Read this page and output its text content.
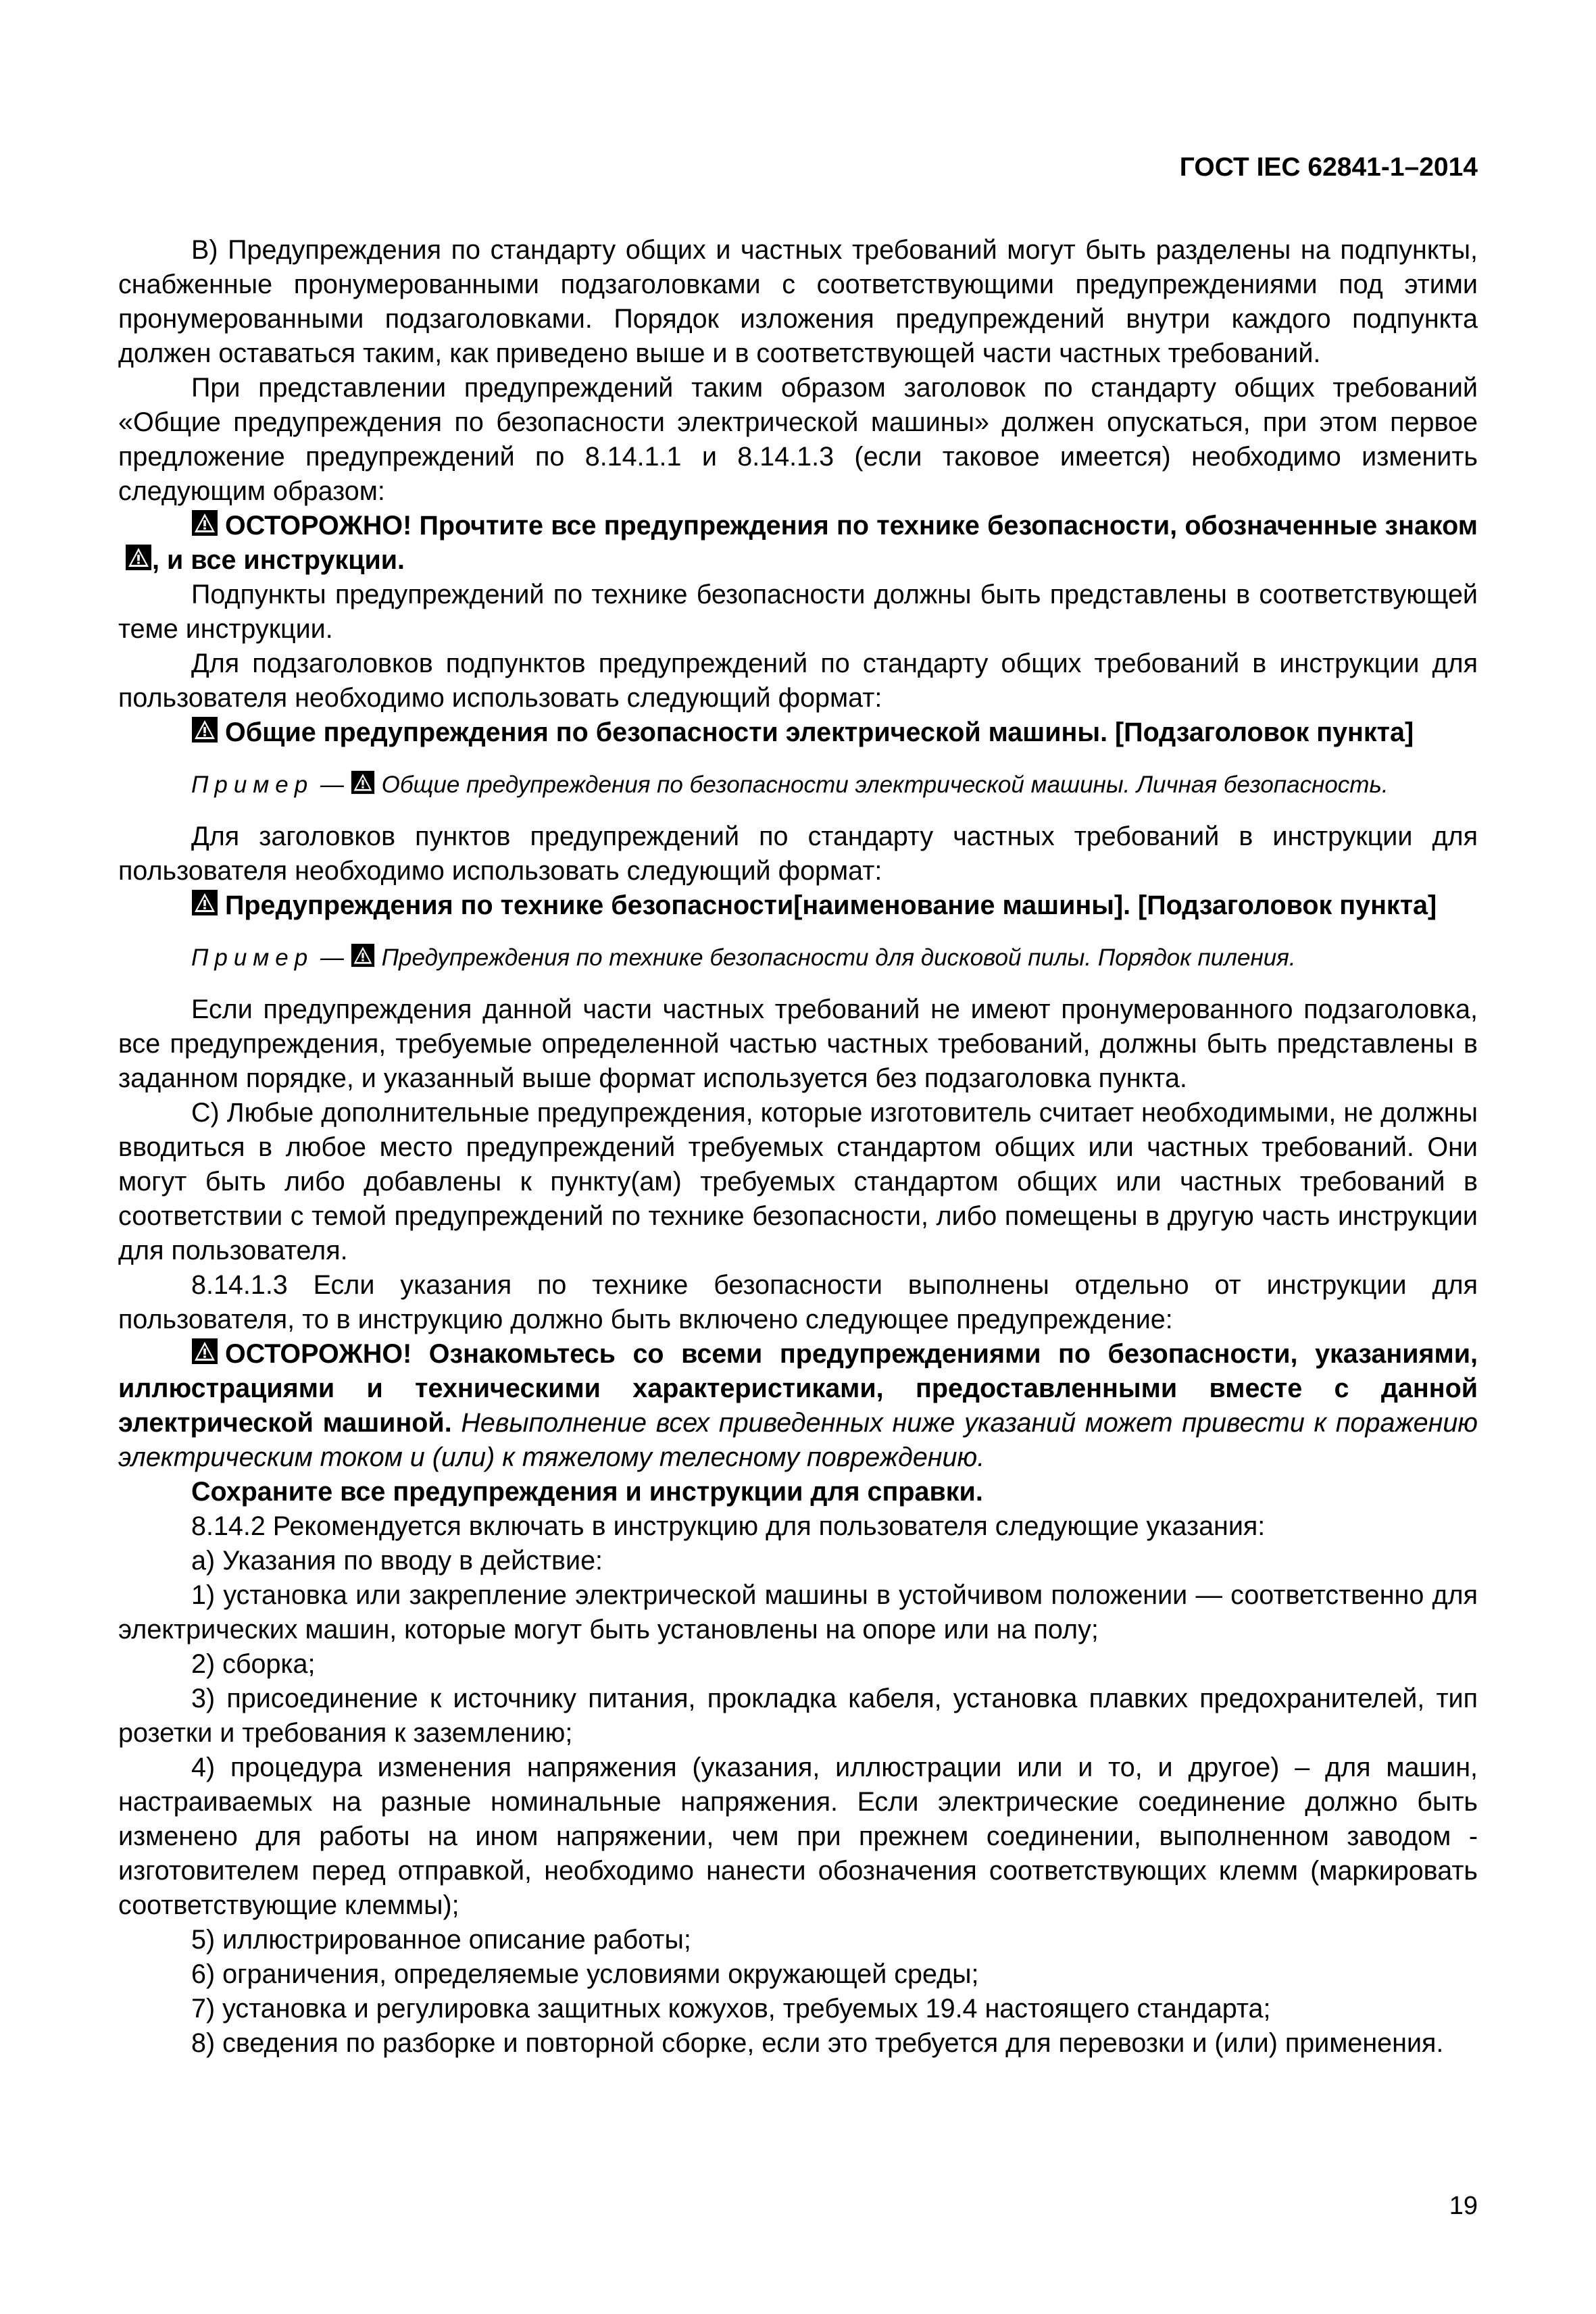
ГОСТ IEC 62841-1–2014

В) Предупреждения по стандарту общих и частных требований могут быть разделены на подпункты, снабженные пронумерованными подзаголовками с соответствующими предупреждениями под этими пронумерованными подзаголовками. Порядок изложения предупреждений внутри каждого подпункта должен оставаться таким, как приведено выше и в соответствующей части частных требований.

При представлении предупреждений таким образом заголовок по стандарту общих требований «Общие предупреждения по безопасности электрической машины» должен опускаться, при этом первое предложение предупреждений по 8.14.1.1 и 8.14.1.3 (если таковое имеется) необходимо изменить следующим образом:

ОСТОРОЖНО! Прочтите все предупреждения по технике безопасности, обозначенные знаком , и все инструкции.

Подпункты предупреждений по технике безопасности должны быть представлены в соответствующей теме инструкции.

Для подзаголовков подпунктов предупреждений по стандарту общих требований в инструкции для пользователя необходимо использовать следующий формат:

Общие предупреждения по безопасности электрической машины. [Подзаголовок пункта]

Пример — Общие предупреждения по безопасности электрической машины. Личная безопасность.

Для заголовков пунктов предупреждений по стандарту частных требований в инструкции для пользователя необходимо использовать следующий формат:

Предупреждения по технике безопасности[наименование машины]. [Подзаголовок пункта]

Пример — Предупреждения по технике безопасности для дисковой пилы. Порядок пиления.

Если предупреждения данной части частных требований не имеют пронумерованного подзаголовка, все предупреждения, требуемые определенной частью частных требований, должны быть представлены в заданном порядке, и указанный выше формат используется без подзаголовка пункта.

С) Любые дополнительные предупреждения, которые изготовитель считает необходимыми, не должны вводиться в любое место предупреждений требуемых стандартом общих или частных требований. Они могут быть либо добавлены к пункту(ам) требуемых стандартом общих или частных требований в соответствии с темой предупреждений по технике безопасности, либо помещены в другую часть инструкции для пользователя.

8.14.1.3 Если указания по технике безопасности выполнены отдельно от инструкции для пользователя, то в инструкцию должно быть включено следующее предупреждение:

ОСТОРОЖНО! Ознакомьтесь со всеми предупреждениями по безопасности, указаниями, иллюстрациями и техническими характеристиками, предоставленными вместе с данной электрической машиной. Невыполнение всех приведенных ниже указаний может привести к поражению электрическим током и (или) к тяжелому телесному повреждению.

Сохраните все предупреждения и инструкции для справки.

8.14.2 Рекомендуется включать в инструкцию для пользователя следующие указания:

а) Указания по вводу в действие:

1) установка или закрепление электрической машины в устойчивом положении — соответственно для электрических машин, которые могут быть установлены на опоре или на полу;

2) сборка;

3) присоединение к источнику питания, прокладка кабеля, установка плавких предохранителей, тип розетки и требования к заземлению;

4) процедура изменения напряжения (указания, иллюстрации или и то, и другое) – для машин, настраиваемых на разные номинальные напряжения. Если электрические соединение должно быть изменено для работы на ином напряжении, чем при прежнем соединении, выполненном заводом - изготовителем перед отправкой, необходимо нанести обозначения соответствующих клемм (маркировать соответствующие клеммы);

5) иллюстрированное описание работы;

6) ограничения, определяемые условиями окружающей среды;

7) установка и регулировка защитных кожухов, требуемых 19.4 настоящего стандарта;

8) сведения по разборке и повторной сборке, если это требуется для перевозки и (или) применения.

19
